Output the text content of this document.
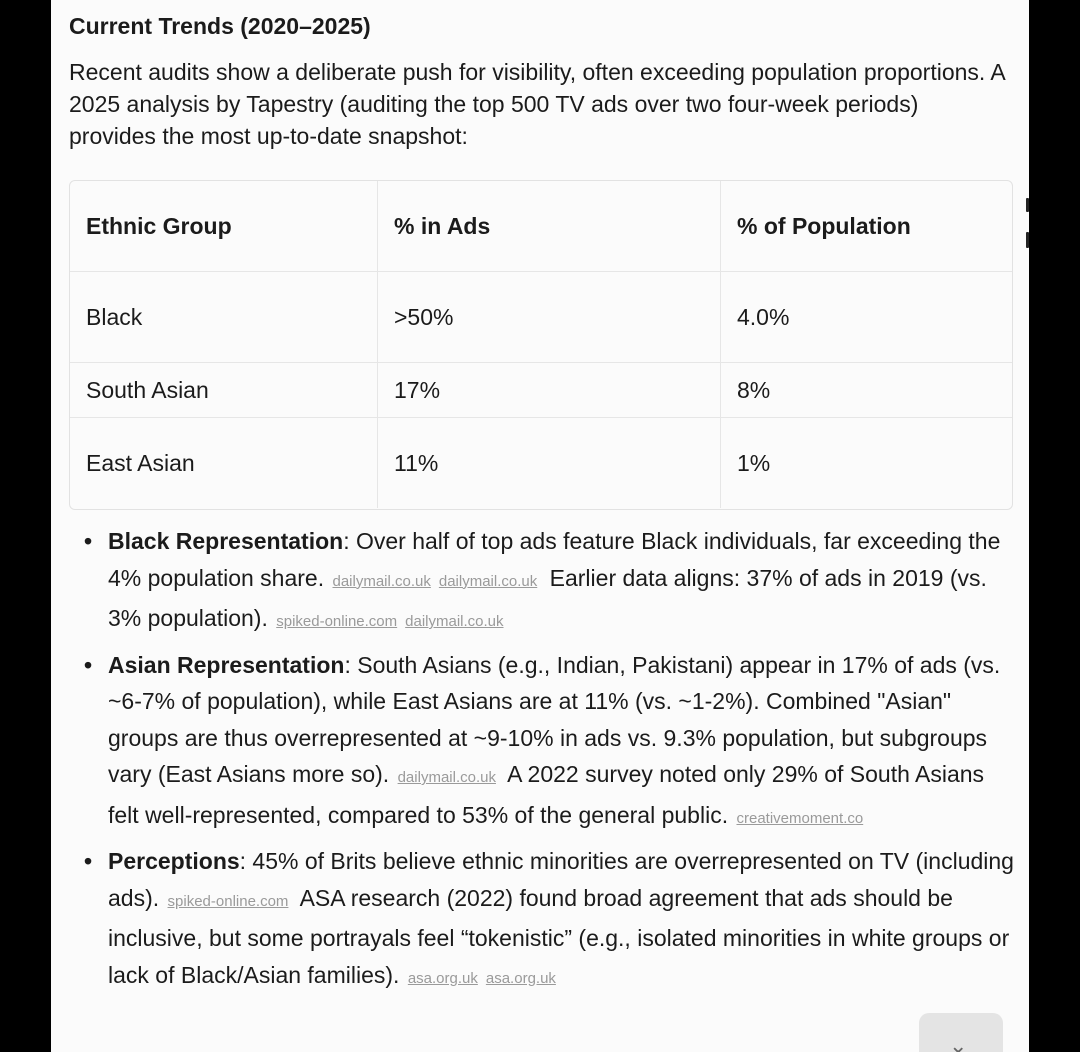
Current Trends (2020–2025)
Recent audits show a deliberate push for visibility, often exceeding population proportions. A 2025 analysis by Tapestry (auditing the top 500 TV ads over two four-week periods) provides the most up-to-date snapshot:
Ethnic Group	% in Ads	% of Population
Black	>50%	4.0%
South Asian	17%	8%
East Asian	11%	1%
• Black Representation: Over half of top ads feature Black individuals, far exceeding the 4% population share. dailymail.co.uk dailymail.co.uk Earlier data aligns: 37% of ads in 2019 (vs. 3% population). spiked-online.com dailymail.co.uk
• Asian Representation: South Asians (e.g., Indian, Pakistani) appear in 17% of ads (vs. ~6-7% of population), while East Asians are at 11% (vs. ~1-2%). Combined "Asian" groups are thus overrepresented at ~9-10% in ads vs. 9.3% population, but subgroups vary (East Asians more so). dailymail.co.uk A 2022 survey noted only 29% of South Asians felt well-represented, compared to 53% of the general public. creativemoment.co
• Perceptions: 45% of Brits believe ethnic minorities are overrepresented on TV (including ads). spiked-online.com ASA research (2022) found broad agreement that ads should be inclusive, but some portrayals feel “tokenistic” (e.g., isolated minorities in white groups or lack of Black/Asian families). asa.org.uk asa.org.uk
⌄
